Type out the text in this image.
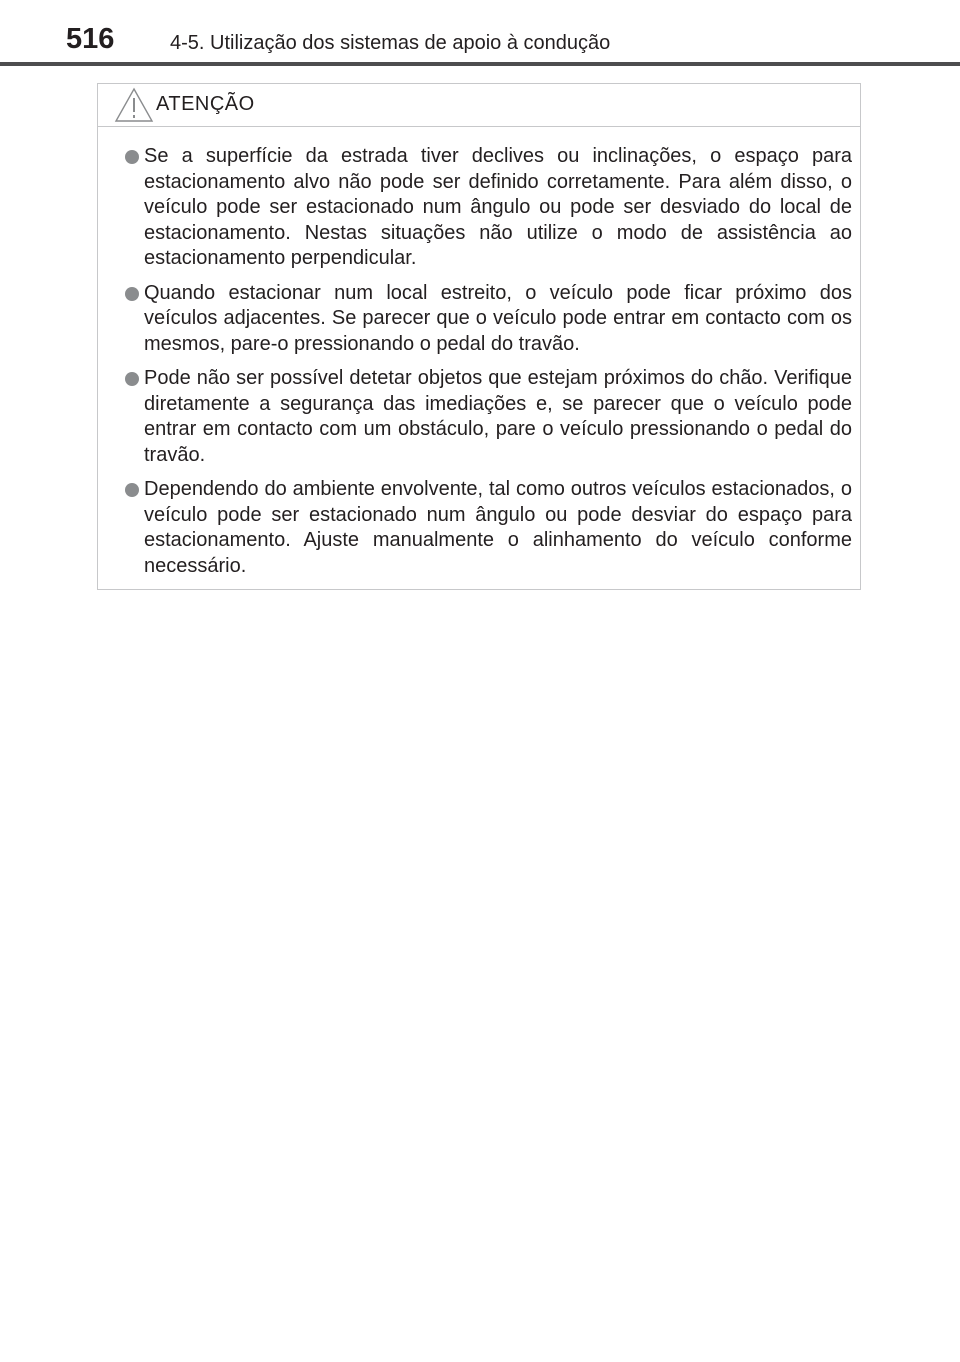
516	4-5. Utilização dos sistemas de apoio à condução
ATENÇÃO
Se a superfície da estrada tiver declives ou inclinações, o espaço para estacionamento alvo não pode ser definido corretamente. Para além disso, o veículo pode ser estacionado num ângulo ou pode ser desviado do local de estacionamento. Nestas situações não utilize o modo de assistência ao estacionamento perpendicular.
Quando estacionar num local estreito, o veículo pode ficar próximo dos veículos adjacentes. Se parecer que o veículo pode entrar em contacto com os mesmos, pare-o pressionando o pedal do travão.
Pode não ser possível detetar objetos que estejam próximos do chão. Verifique diretamente a segurança das imediações e, se parecer que o veículo pode entrar em contacto com um obstáculo, pare o veículo pressionando o pedal do travão.
Dependendo do ambiente envolvente, tal como outros veículos estacionados, o veículo pode ser estacionado num ângulo ou pode desviar do espaço para estacionamento. Ajuste manualmente o alinhamento do veículo conforme necessário.
